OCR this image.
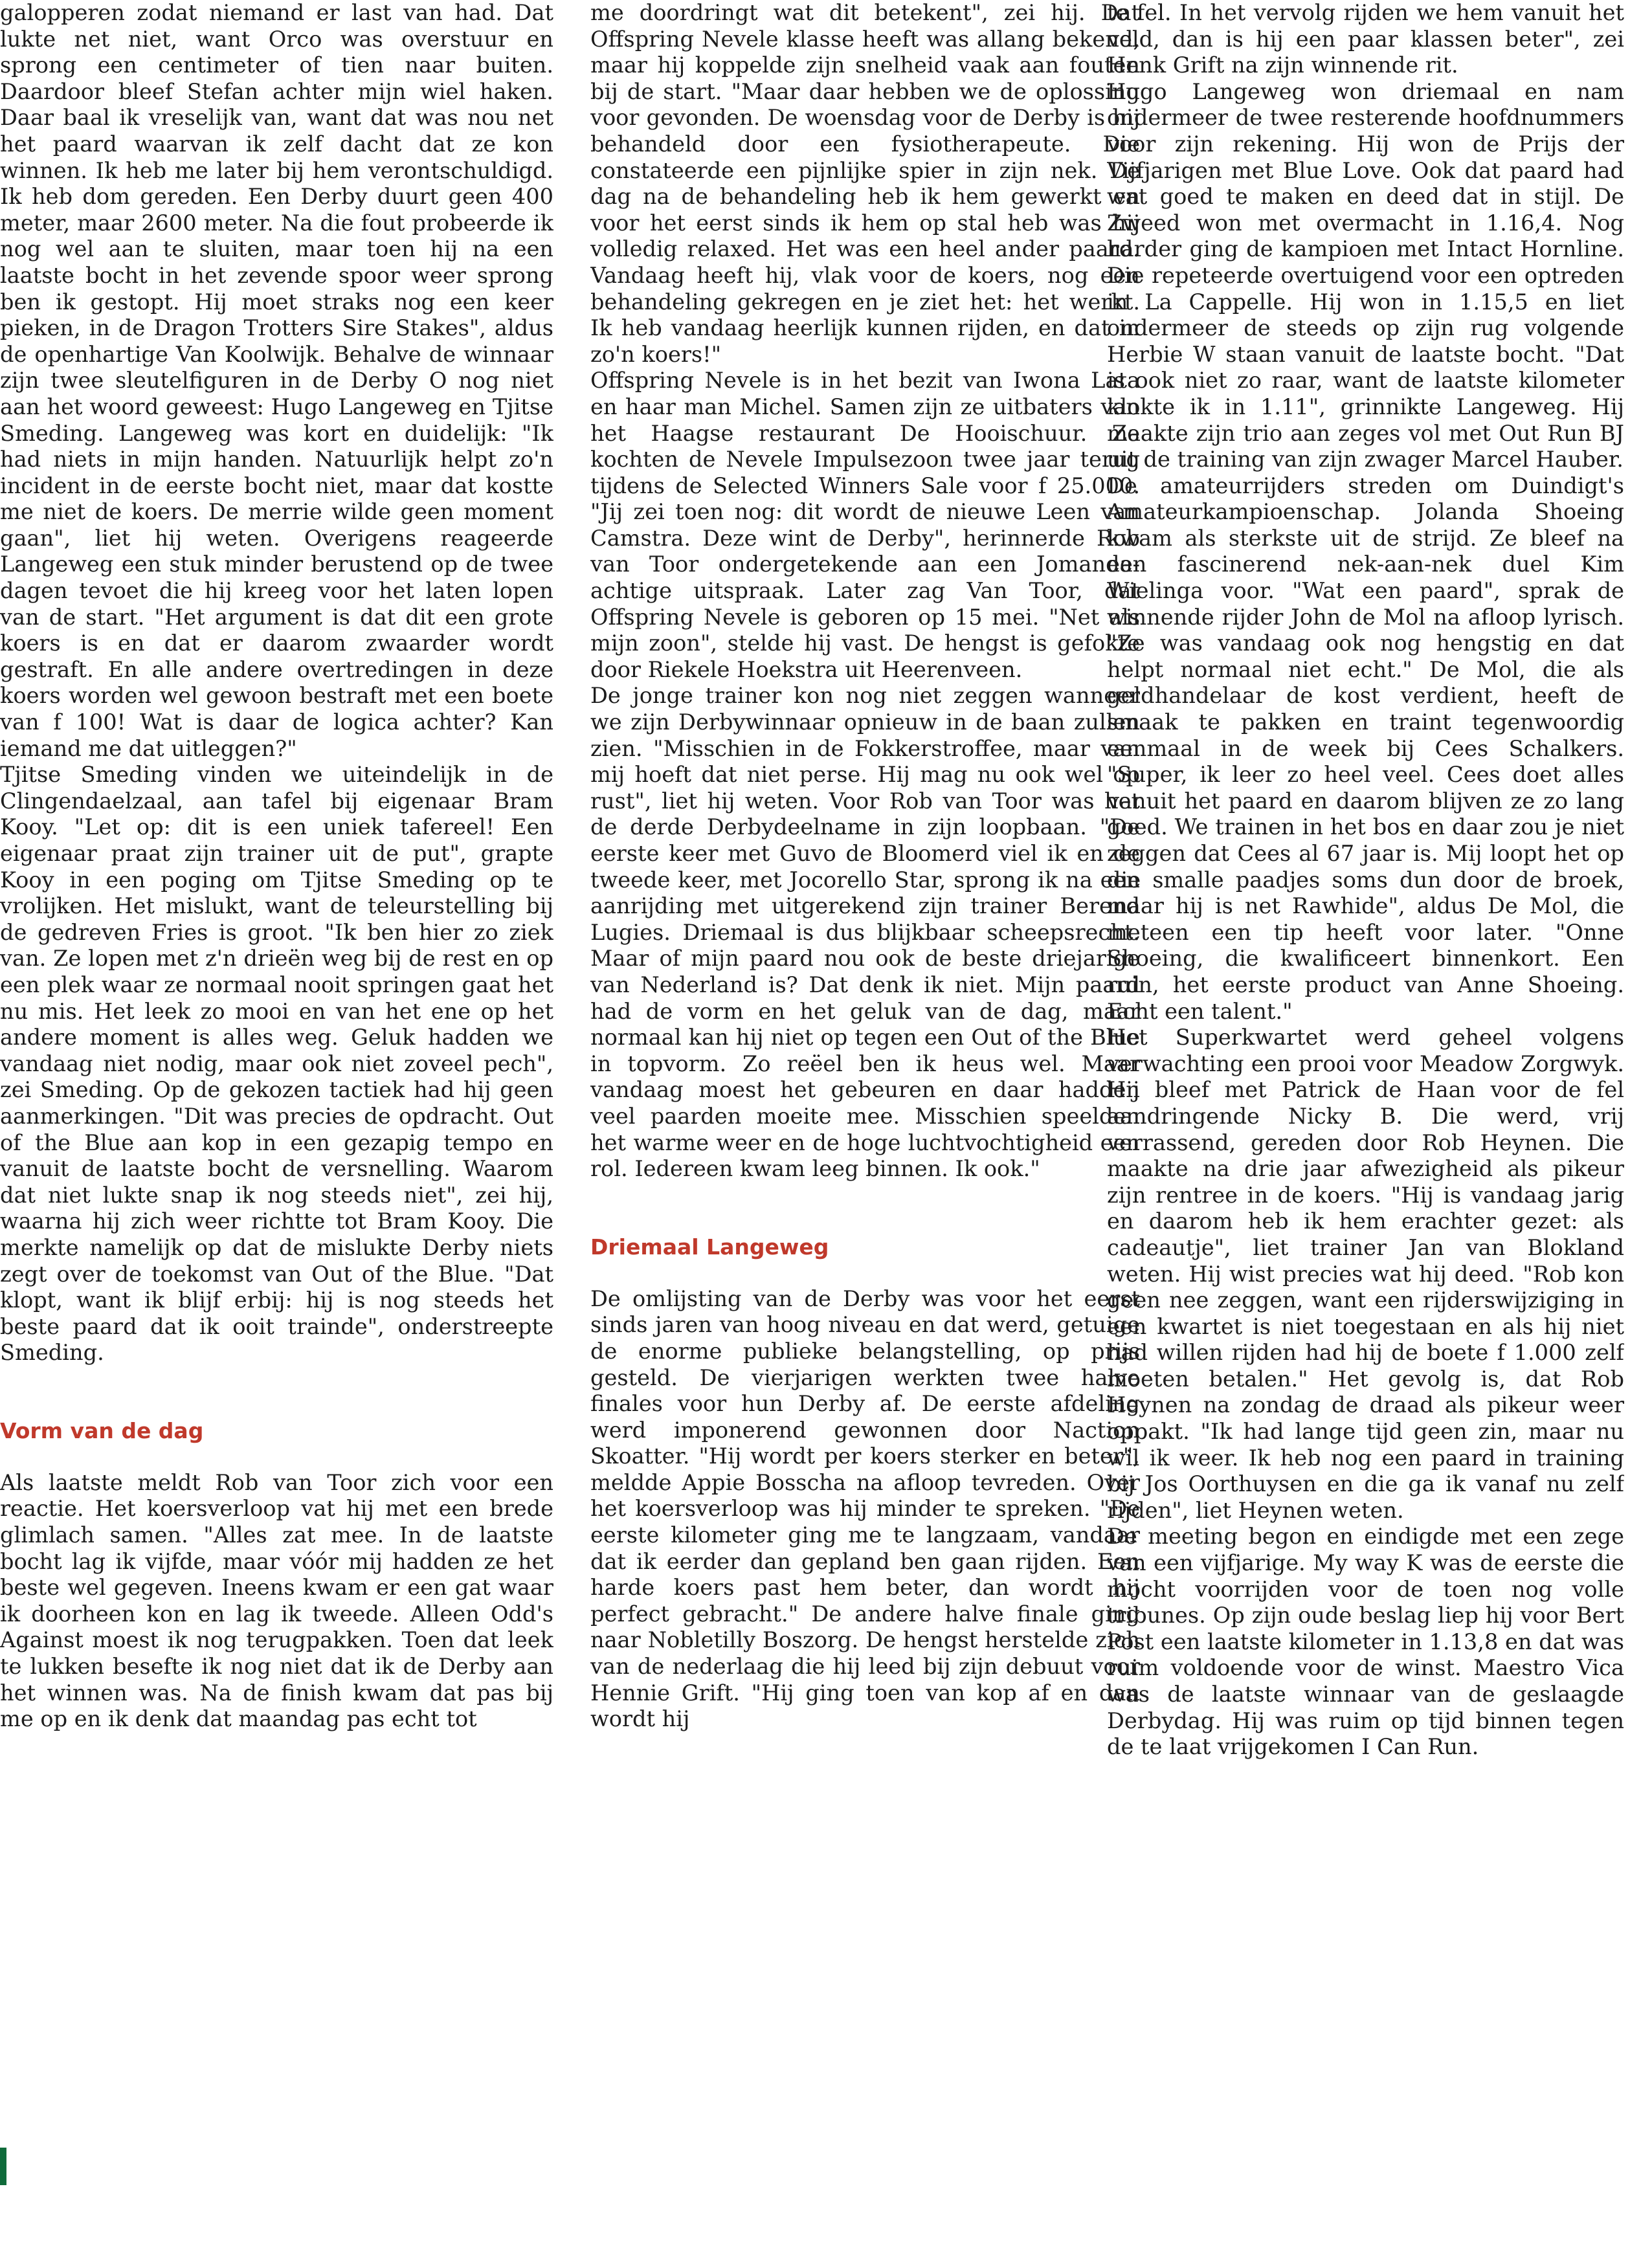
galopperen zodat niemand er last van had. Dat lukte net niet, want Orco was overstuur en sprong een centimeter of tien naar buiten. Daardoor bleef Stefan achter mijn wiel haken. Daar baal ik vreselijk van, want dat was nou net het paard waarvan ik zelf dacht dat ze kon winnen. Ik heb me later bij hem verontschuldigd. Ik heb dom gereden. Een Derby duurt geen 400 meter, maar 2600 meter. Na die fout probeerde ik nog wel aan te sluiten, maar toen hij na een laatste bocht in het zevende spoor weer sprong ben ik gestopt. Hij moet straks nog een keer pieken, in de Dragon Trotters Sire Stakes", aldus de openhartige Van Koolwijk. Behalve de winnaar zijn twee sleutelfiguren in de Derby O nog niet aan het woord geweest: Hugo Langeweg en Tjitse Smeding. Langeweg was kort en duidelijk: "Ik had niets in mijn handen. Natuurlijk helpt zo'n incident in de eerste bocht niet, maar dat kostte me niet de koers. De merrie wilde geen moment gaan", liet hij weten. Overigens reageerde Langeweg een stuk minder berustend op de twee dagen tevoet die hij kreeg voor het laten lopen van de start. "Het argument is dat dit een grote koers is en dat er daarom zwaarder wordt gestraft. En alle andere overtredingen in deze koers worden wel gewoon bestraft met een boete van f 100! Wat is daar de logica achter? Kan iemand me dat uitleggen?"

Tjitse Smeding vinden we uiteindelijk in de Clingendaelzaal, aan tafel bij eigenaar Bram Kooy. "Let op: dit is een uniek tafereel! Een eigenaar praat zijn trainer uit de put", grapte Kooy in een poging om Tjitse Smeding op te vrolijken. Het mislukt, want de teleurstelling bij de gedreven Fries is groot. "Ik ben hier zo ziek van. Ze lopen met z'n drieën weg bij de rest en op een plek waar ze normaal nooit springen gaat het nu mis. Het leek zo mooi en van het ene op het andere moment is alles weg. Geluk hadden we vandaag niet nodig, maar ook niet zoveel pech", zei Smeding. Op de gekozen tactiek had hij geen aanmerkingen. "Dit was precies de opdracht. Out of the Blue aan kop in een gezapig tempo en vanuit de laatste bocht de versnelling. Waarom dat niet lukte snap ik nog steeds niet", zei hij, waarna hij zich weer richtte tot Bram Kooy. Die merkte namelijk op dat de mislukte Derby niets zegt over de toekomst van Out of the Blue. "Dat klopt, want ik blijf erbij: hij is nog steeds het beste paard dat ik ooit trainde", onderstreepte Smeding.

Vorm van de dag

Als laatste meldt Rob van Toor zich voor een reactie. Het koersverloop vat hij met een brede glimlach samen. "Alles zat mee. In de laatste bocht lag ik vijfde, maar vóór mij hadden ze het beste wel gegeven. Ineens kwam er een gat waar ik doorheen kon en lag ik tweede. Alleen Odd's Against moest ik nog terugpakken. Toen dat leek te lukken besefte ik nog niet dat ik de Derby aan het winnen was. Na de finish kwam dat pas bij me op en ik denk dat maandag pas echt tot

me doordringt wat dit betekent", zei hij. Dat Offspring Nevele klasse heeft was allang bekend, maar hij koppelde zijn snelheid vaak aan fouten bij de start. "Maar daar hebben we de oplossing voor gevonden. De woensdag voor de Derby is hij behandeld door een fysiotherapeute. Die constateerde een pijnlijke spier in zijn nek. De dag na de behandeling heb ik hem gewerkt en voor het eerst sinds ik hem op stal heb was hij volledig relaxed. Het was een heel ander paard. Vandaag heeft hij, vlak voor de koers, nog een behandeling gekregen en je ziet het: het werkt. Ik heb vandaag heerlijk kunnen rijden, en dat in zo'n koers!"

Offspring Nevele is in het bezit van Iwona Lata en haar man Michel. Samen zijn ze uitbaters van het Haagse restaurant De Hooischuur. Ze kochten de Nevele Impulsezoon twee jaar terug tijdens de Selected Winners Sale voor f 25.000. "Jij zei toen nog: dit wordt de nieuwe Leen van Camstra. Deze wint de Derby", herinnerde Rob van Toor ondergetekende aan een Jomanda-achtige uitspraak. Later zag Van Toor, dat Offspring Nevele is geboren op 15 mei. "Net als mijn zoon", stelde hij vast. De hengst is gefokte door Riekele Hoekstra uit Heerenveen.

De jonge trainer kon nog niet zeggen wanneer we zijn Derbywinnaar opnieuw in de baan zullen zien. "Misschien in de Fokkerstroffee, maar van mij hoeft dat niet perse. Hij mag nu ook wel op rust", liet hij weten. Voor Rob van Toor was het de derde Derbydeelname in zijn loopbaan. "De eerste keer met Guvo de Bloomerd viel ik en de tweede keer, met Jocorello Star, sprong ik na een aanrijding met uitgerekend zijn trainer Berend Lugies. Driemaal is dus blijkbaar scheepsrecht. Maar of mijn paard nou ook de beste driejarige van Nederland is? Dat denk ik niet. Mijn paard had de vorm en het geluk van de dag, maar normaal kan hij niet op tegen een Out of the Blue in topvorm. Zo reëel ben ik heus wel. Maar vandaag moest het gebeuren en daar hadden veel paarden moeite mee. Misschien speelden het warme weer en de hoge luchtvochtigheid een rol. Iedereen kwam leeg binnen. Ik ook."

Driemaal Langeweg

De omlijsting van de Derby was voor het eerst sinds jaren van hoog niveau en dat werd, getuige de enorme publieke belangstelling, op prijs gesteld. De vierjarigen werkten twee halve finales voor hun Derby af. De eerste afdeling werd imponerend gewonnen door Naction Skoatter. "Hij wordt per koers sterker en beter", meldde Appie Bosscha na afloop tevreden. Over het koersverloop was hij minder te spreken. "De eerste kilometer ging me te langzaam, vandaar dat ik eerder dan gepland ben gaan rijden. Een harde koers past hem beter, dan wordt hij perfect gebracht." De andere halve finale ging naar Nobletilly Boszorg. De hengst herstelde zich van de nederlaag die hij leed bij zijn debuut voor Hennie Grift. "Hij ging toen van kop af en dan wordt hij

te fel. In het vervolg rijden we hem vanuit het veld, dan is hij een paar klassen beter", zei Henk Grift na zijn winnende rit.

Hugo Langeweg won driemaal en nam ondermeer de twee resterende hoofdnummers voor zijn rekening. Hij won de Prijs der Vijfjarigen met Blue Love. Ook dat paard had wat goed te maken en deed dat in stijl. De Zweed won met overmacht in 1.16,4. Nog harder ging de kampioen met Intact Hornline. Die repeteerde overtuigend voor een optreden in La Cappelle. Hij won in 1.15,5 en liet ondermeer de steeds op zijn rug volgende Herbie W staan vanuit de laatste bocht. "Dat is ook niet zo raar, want de laatste kilometer klokte ik in 1.11", grinnikte Langeweg. Hij maakte zijn trio aan zeges vol met Out Run BJ uit de training van zijn zwager Marcel Hauber.

De amateurrijders streden om Duindigt's Amateurkampioenschap. Jolanda Shoeing kwam als sterkste uit de strijd. Ze bleef na een fascinerend nek-aan-nek duel Kim Wielinga voor. "Wat een paard", sprak de winnende rijder John de Mol na afloop lyrisch. "Ze was vandaag ook nog hengstig en dat helpt normaal niet echt." De Mol, die als geldhandelaar de kost verdient, heeft de smaak te pakken en traint tegenwoordig eenmaal in de week bij Cees Schalkers. "Super, ik leer zo heel veel. Cees doet alles vanuit het paard en daarom blijven ze zo lang goed. We trainen in het bos en daar zou je niet zeggen dat Cees al 67 jaar is. Mij loopt het op die smalle paadjes soms dun door de broek, maar hij is net Rawhide", aldus De Mol, die meteen een tip heeft voor later. "Onne Shoeing, die kwalificeert binnenkort. Een ruin, het eerste product van Anne Shoeing. Echt een talent."

Het Superkwartet werd geheel volgens verwachting een prooi voor Meadow Zorgwyk. Hij bleef met Patrick de Haan voor de fel aandringende Nicky B. Die werd, vrij verrassend, gereden door Rob Heynen. Die maakte na drie jaar afwezigheid als pikeur zijn rentree in de koers. "Hij is vandaag jarig en daarom heb ik hem erachter gezet: als cadeautje", liet trainer Jan van Blokland weten. Hij wist precies wat hij deed. "Rob kon geen nee zeggen, want een rijderswijziging in een kwartet is niet toegestaan en als hij niet had willen rijden had hij de boete f 1.000 zelf moeten betalen." Het gevolg is, dat Rob Heynen na zondag de draad als pikeur weer oppakt. "Ik had lange tijd geen zin, maar nu wil ik weer. Ik heb nog een paard in training bij Jos Oorthuysen en die ga ik vanaf nu zelf rijden", liet Heynen weten.

De meeting begon en eindigde met een zege van een vijfjarige. My way K was de eerste die mocht voorrijden voor de toen nog volle tribunes. Op zijn oude beslag liep hij voor Bert Post een laatste kilometer in 1.13,8 en dat was ruim voldoende voor de winst. Maestro Vica was de laatste winnaar van de geslaagde Derbydag. Hij was ruim op tijd binnen tegen de te laat vrijgekomen I Can Run.
